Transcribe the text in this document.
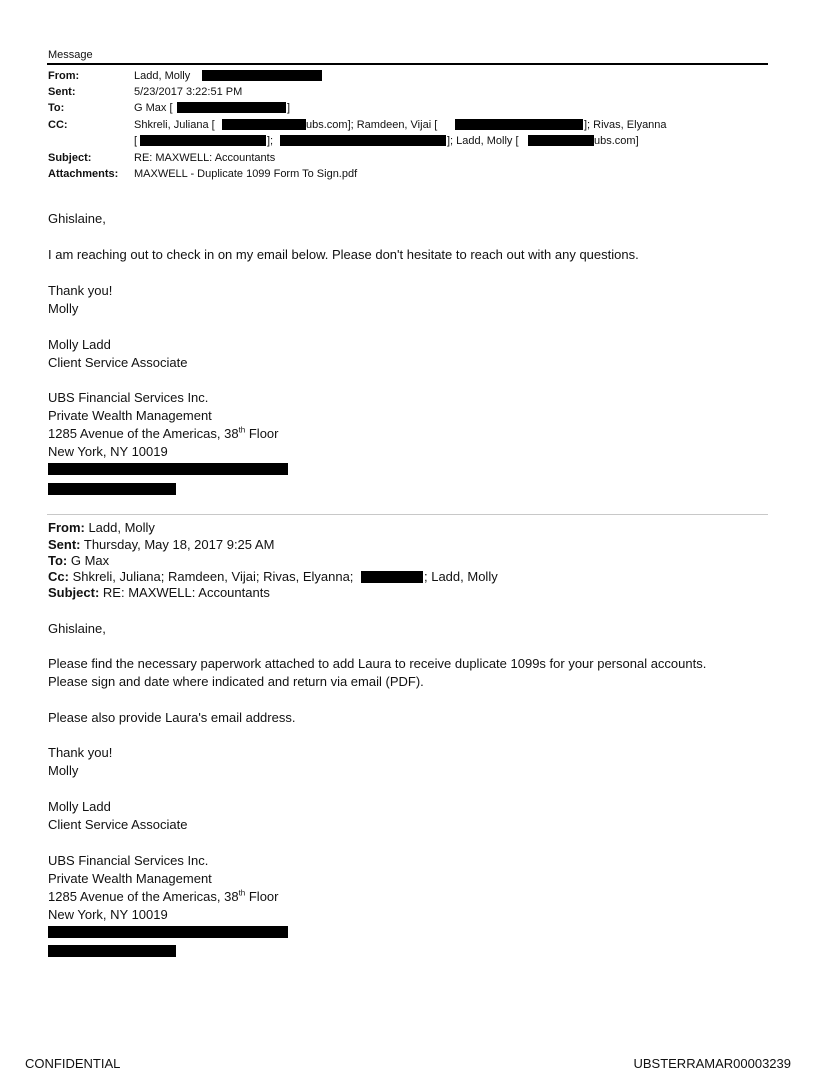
Message
From:	Ladd, Molly
Sent:	5/23/2017 3:22:51 PM
To:	G Max [	]
CC:	Shkreli, Juliana [	ubs.com]; Ramdeen, Vijai [	]; Rivas, Elyanna
[	];	]; Ladd, Molly [	ubs.com]
Subject:	RE: MAXWELL: Accountants
Attachments: MAXWELL - Duplicate 1099 Form To Sign.pdf
Ghislaine,
I am reaching out to check in on my email below. Please don't hesitate to reach out with any questions.
Thank you!
Molly
Molly Ladd
Client Service Associate
UBS Financial Services Inc.
Private Wealth Management
1285 Avenue of the Americas, 38th Floor
New York, NY 10019
From: Ladd, Molly
Sent: Thursday, May 18, 2017 9:25 AM
To: G Max
Cc: Shkreli, Juliana; Ramdeen, Vijai; Rivas, Elyanna;	; Ladd, Molly
Subject: RE: MAXWELL: Accountants
Ghislaine,
Please find the necessary paperwork attached to add Laura to receive duplicate 1099s for your personal accounts.
Please sign and date where indicated and return via email (PDF).
Please also provide Laura's email address.
Thank you!
Molly
Molly Ladd
Client Service Associate
UBS Financial Services Inc.
Private Wealth Management
1285 Avenue of the Americas, 38th Floor
New York, NY 10019
CONFIDENTIAL	UBSTERRAMAR00003239
